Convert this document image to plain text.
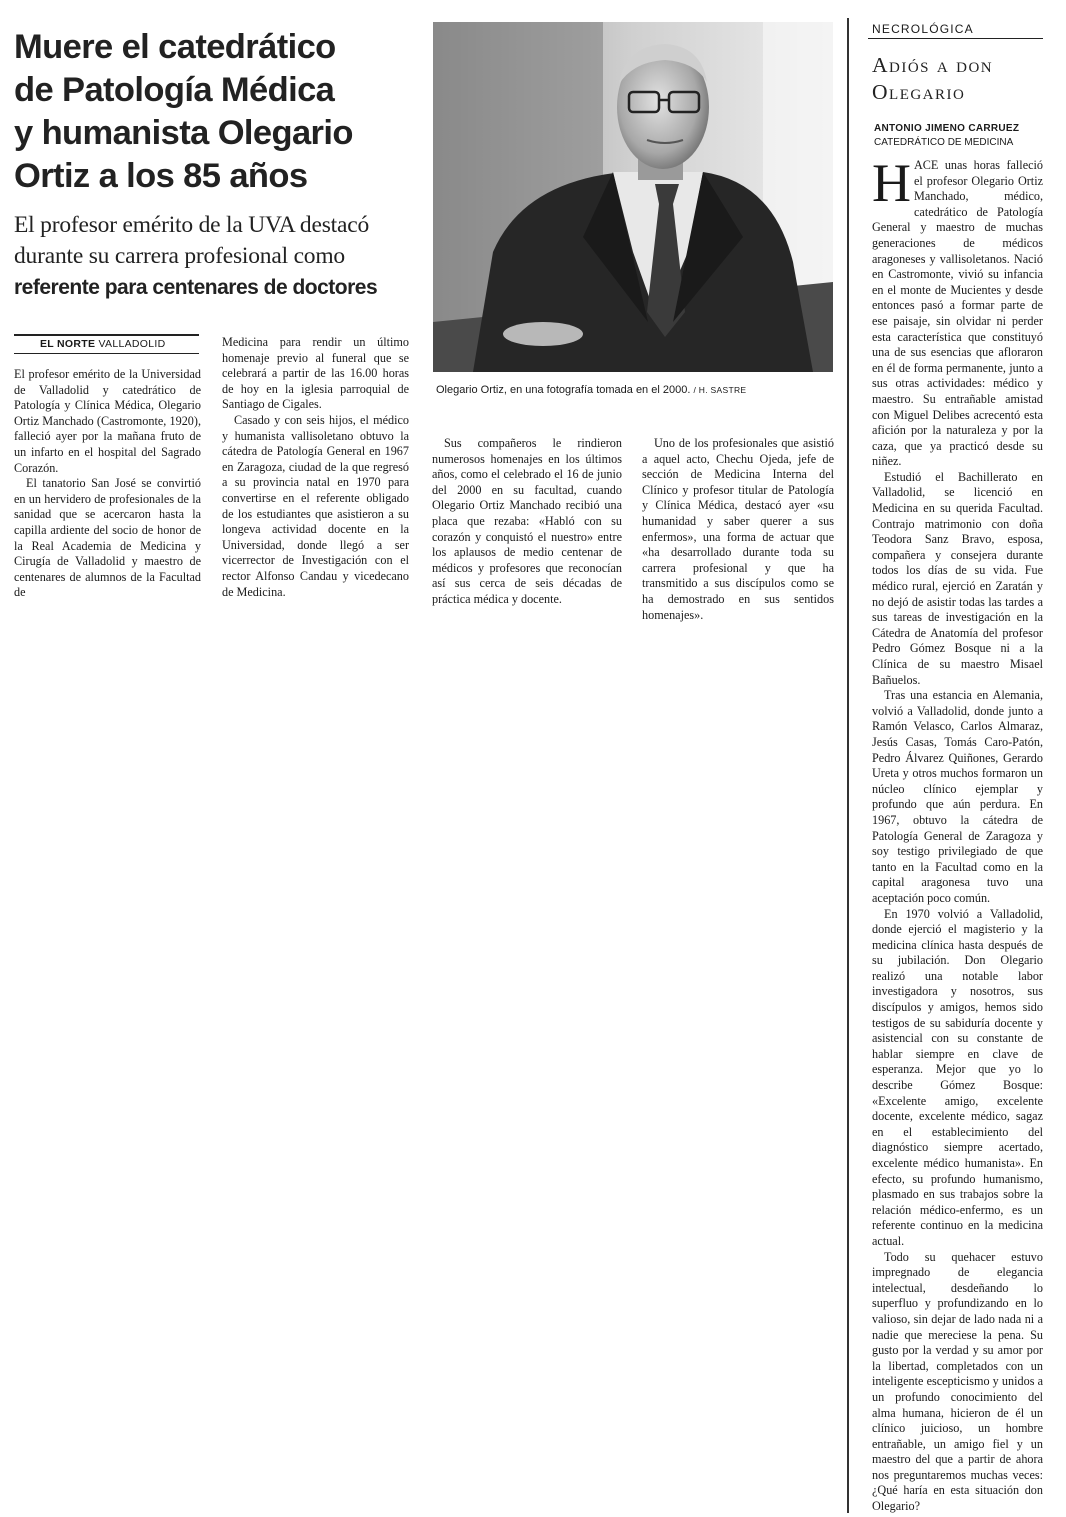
Muere el catedrático
de Patología Médica
y humanista Olegario
Ortiz a los 85 años
El profesor emérito de la UVA destacó
durante su carrera profesional como
referente para centenares de doctores
EL NORTE VALLADOLID

El profesor emérito de la Universidad de Valladolid y catedrático de Patología y Clínica Médica, Olegario Ortiz Manchado (Castromonte, 1920), falleció ayer por la mañana fruto de un infarto en el hospital del Sagrado Corazón.

El tanatorio San José se convirtió en un hervidero de profesionales de la sanidad que se acercaron hasta la capilla ardiente del socio de honor de la Real Academia de Medicina y Cirugía de Valladolid y maestro de centenares de alumnos de la Facultad de

Medicina para rendir un último homenaje previo al funeral que se celebrará a partir de las 16.00 horas de hoy en la iglesia parroquial de Santiago de Cigales.

Casado y con seis hijos, el médico y humanista vallisoletano obtuvo la cátedra de Patología General en 1967 en Zaragoza, ciudad de la que regresó a su provincia natal en 1970 para convertirse en el referente obligado de los estudiantes que asistieron a su longeva actividad docente en la Universidad, donde llegó a ser vicerrector de Investigación con el rector Alfonso Candau y vicedecano de Medicina.

Sus compañeros le rindieron numerosos homenajes en los últimos años, como el celebrado el 16 de junio del 2000 en su facultad, cuando Olegario Ortiz Manchado recibió una placa que rezaba: «Habló con su corazón y conquistó el nuestro» entre los aplausos de medio centenar de médicos y profesores que reconocían así sus cerca de seis décadas de práctica médica y docente.

Uno de los profesionales que asistió a aquel acto, Chechu Ojeda, jefe de sección de Medicina Interna del Clínico y profesor titular de Patología y Clínica Médica, destacó ayer «su humanidad y saber querer a sus enfermos», una forma de actuar que «ha desarrollado durante toda su carrera profesional y que ha transmitido a sus discípulos como se ha demostrado en sus sentidos homenajes».

Olegario Ortiz, en una fotografía tomada en el 2000. / H. SASTRE
NECROLÓGICA
Adiós a don
Olegario
ANTONIO JIMENO CARRUEZ
CATEDRÁTICO DE MEDICINA

HACE unas horas falleció el profesor Olegario Ortiz Manchado, médico, catedrático de Patología General y maestro de muchas generaciones de médicos aragoneses y vallisoletanos. Nació en Castromonte, vivió su infancia en el monte de Mucientes y desde entonces pasó a formar parte de ese paisaje, sin olvidar ni perder esta característica que constituyó una de sus esencias que afloraron en él de forma permanente, junto a sus otras actividades: médico y maestro. Su entrañable amistad con Miguel Delibes acrecentó esta afición por la naturaleza y por la caza, que ya practicó desde su niñez.

Estudió el Bachillerato en Valladolid, se licenció en Medicina en su querida Facultad. Contrajo matrimonio con doña Teodora Sanz Bravo, esposa, compañera y consejera durante todos los días de su vida. Fue médico rural, ejerció en Zaratán y no dejó de asistir todas las tardes a sus tareas de investigación en la Cátedra de Anatomía del profesor Pedro Gómez Bosque ni a la Clínica de su maestro Misael Bañuelos.

Tras una estancia en Alemania, volvió a Valladolid, donde junto a Ramón Velasco, Carlos Almaraz, Jesús Casas, Tomás Caro-Patón, Pedro Álvarez Quiñones, Gerardo Ureta y otros muchos formaron un núcleo clínico ejemplar y profundo que aún perdura. En 1967, obtuvo la cátedra de Patología General de Zaragoza y soy testigo privilegiado de que tanto en la Facultad como en la capital aragonesa tuvo una aceptación poco común.

En 1970 volvió a Valladolid, donde ejerció el magisterio y la medicina clínica hasta después de su jubilación. Don Olegario realizó una notable labor investigadora y nosotros, sus discípulos y amigos, hemos sido testigos de su sabiduría docente y asistencial con su constante de hablar siempre en clave de esperanza. Mejor que yo lo describe Gómez Bosque: «Excelente amigo, excelente docente, excelente médico, sagaz en el establecimiento del diagnóstico siempre acertado, excelente médico humanista». En efecto, su profundo humanismo, plasmado en sus trabajos sobre la relación médico-enfermo, es un referente continuo en la medicina actual.

Todo su quehacer estuvo impregnado de elegancia intelectual, desdeñando lo superfluo y profundizando en lo valioso, sin dejar de lado nada ni a nadie que mereciese la pena. Su gusto por la verdad y su amor por la libertad, completados con un inteligente escepticismo y unidos a un profundo conocimiento del alma humana, hicieron de él un clínico juicioso, un hombre entrañable, un amigo fiel y un maestro del que a partir de ahora nos preguntaremos muchas veces: ¿Qué haría en esta situación don Olegario?
